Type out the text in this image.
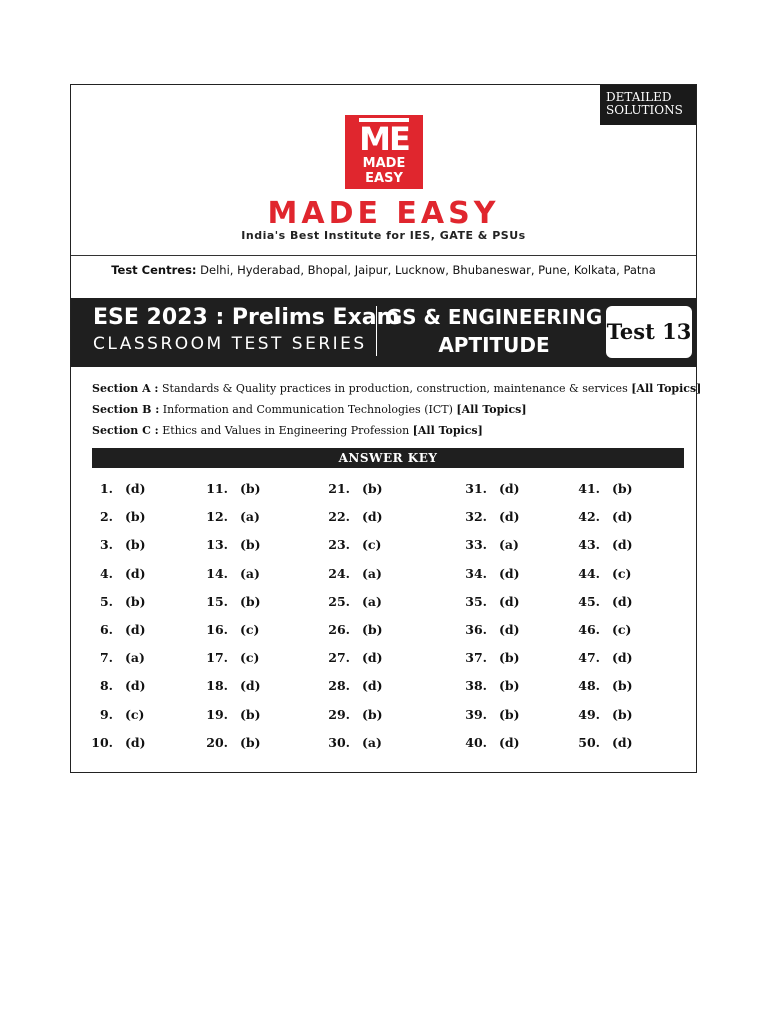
DETAILED
SOLUTIONS
ME
MADE
EASY
MADE EASY
India's Best Institute for IES, GATE & PSUs
Test Centres: Delhi, Hyderabad, Bhopal, Jaipur, Lucknow, Bhubaneswar, Pune, Kolkata, Patna
ESE 2023 : Prelims Exam
CLASSROOM TEST SERIES
GS & ENGINEERING
APTITUDE
Test 13
Section A : Standards & Quality practices in production, construction, maintenance & services [All Topics]
Section B : Information and Communication Technologies (ICT) [All Topics]
Section C : Ethics and Values in Engineering Profession [All Topics]
ANSWER KEY
1. (d)
2. (b)
3. (b)
4. (d)
5. (b)
6. (d)
7. (a)
8. (d)
9. (c)
10. (d)
11. (b)
12. (a)
13. (b)
14. (a)
15. (b)
16. (c)
17. (c)
18. (d)
19. (b)
20. (b)
21. (b)
22. (d)
23. (c)
24. (a)
25. (a)
26. (b)
27. (d)
28. (d)
29. (b)
30. (a)
31. (d)
32. (d)
33. (a)
34. (d)
35. (d)
36. (d)
37. (b)
38. (b)
39. (b)
40. (d)
41. (b)
42. (d)
43. (d)
44. (c)
45. (d)
46. (c)
47. (d)
48. (b)
49. (b)
50. (d)
